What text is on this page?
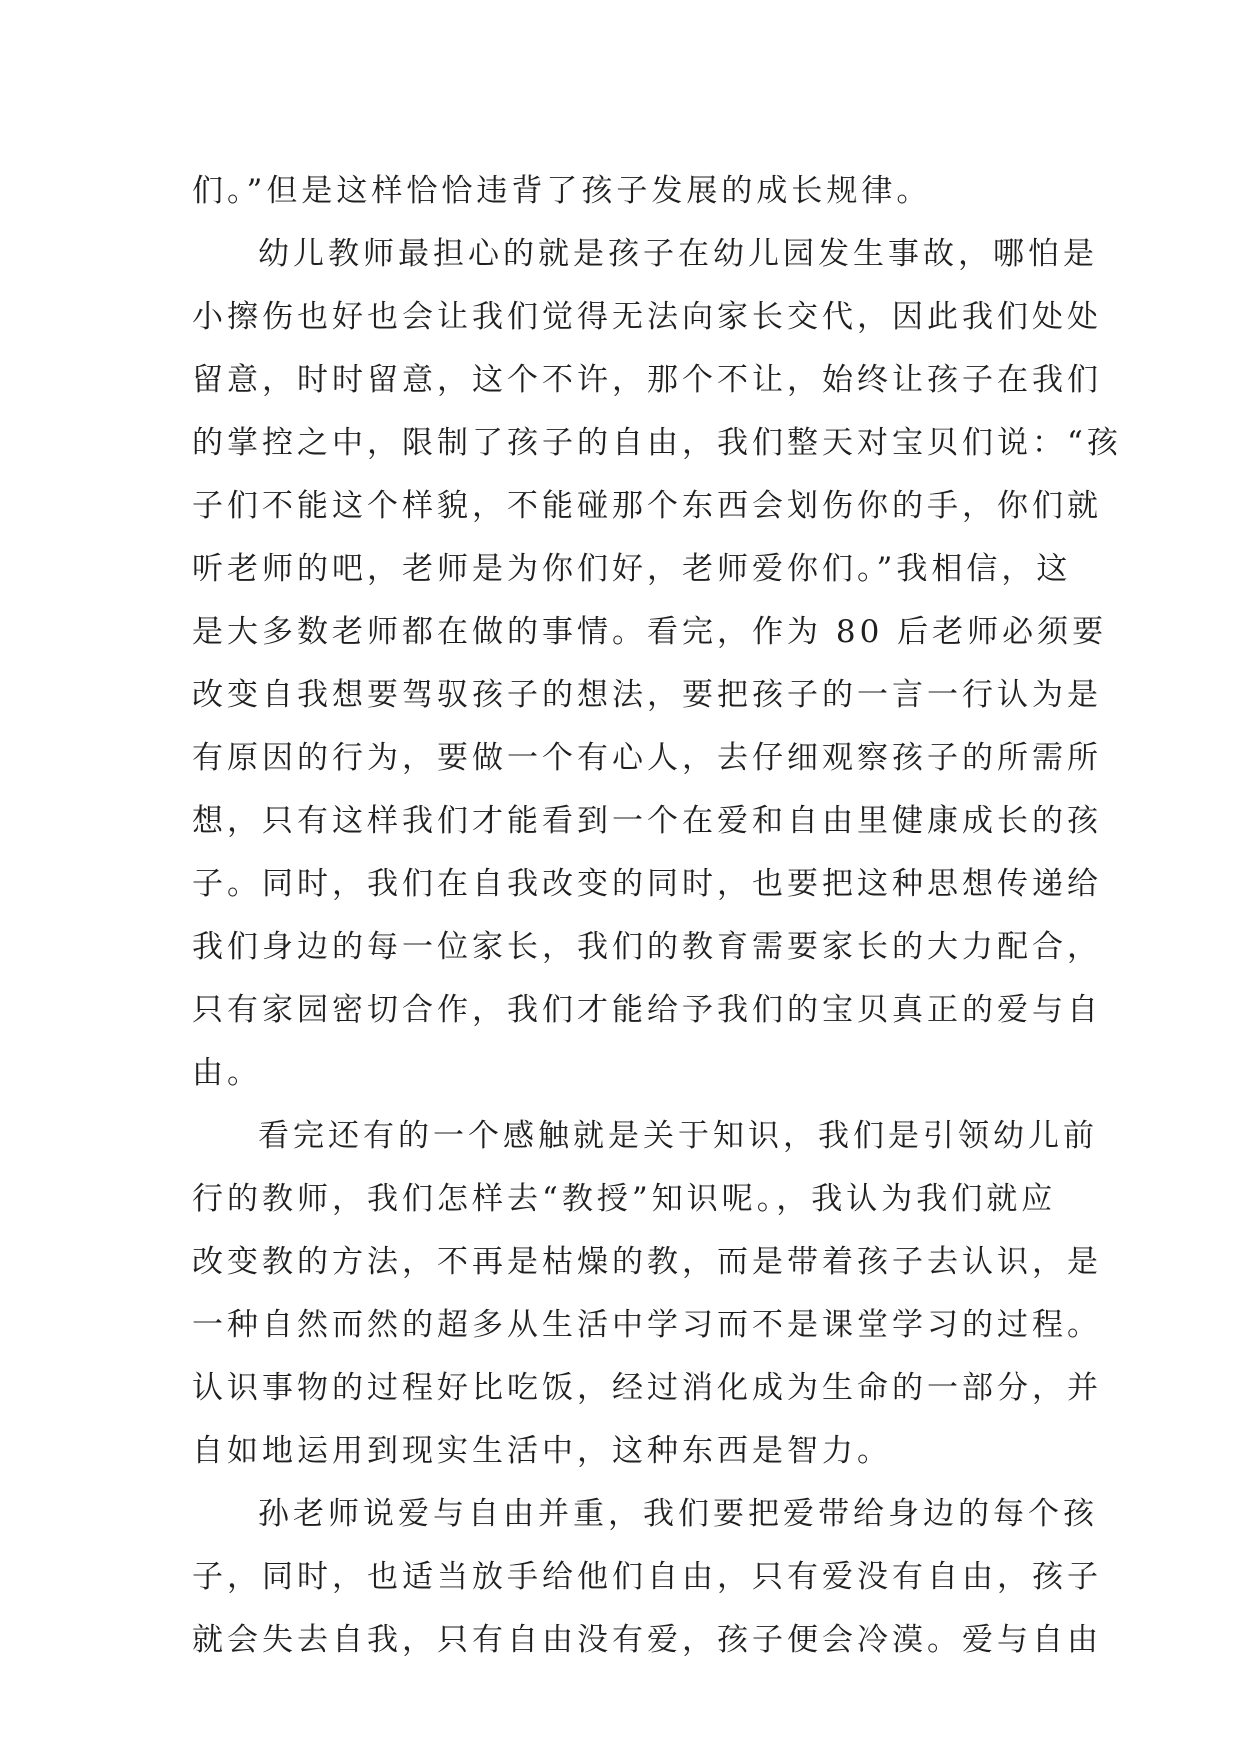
们。”但是这样恰恰违背了孩子发展的成长规律。
幼儿教师最担心的就是孩子在幼儿园发生事故，哪怕是
小擦伤也好也会让我们觉得无法向家长交代，因此我们处处
留意，时时留意，这个不许，那个不让，始终让孩子在我们
的掌控之中，限制了孩子的自由，我们整天对宝贝们说：“孩
子们不能这个样貌，不能碰那个东西会划伤你的手，你们就
听老师的吧，老师是为你们好，老师爱你们。”我相信，这
是大多数老师都在做的事情。看完，作为 80 后老师必须要
改变自我想要驾驭孩子的想法，要把孩子的一言一行认为是
有原因的行为，要做一个有心人，去仔细观察孩子的所需所
想，只有这样我们才能看到一个在爱和自由里健康成长的孩
子。同时，我们在自我改变的同时，也要把这种思想传递给
我们身边的每一位家长，我们的教育需要家长的大力配合，
只有家园密切合作，我们才能给予我们的宝贝真正的爱与自
由。
看完还有的一个感触就是关于知识，我们是引领幼儿前
行的教师，我们怎样去“教授”知识呢。，我认为我们就应
改变教的方法，不再是枯燥的教，而是带着孩子去认识，是
一种自然而然的超多从生活中学习而不是课堂学习的过程。
认识事物的过程好比吃饭，经过消化成为生命的一部分，并
自如地运用到现实生活中，这种东西是智力。
孙老师说爱与自由并重，我们要把爱带给身边的每个孩
子，同时，也适当放手给他们自由，只有爱没有自由，孩子
就会失去自我，只有自由没有爱，孩子便会冷漠。爱与自由
